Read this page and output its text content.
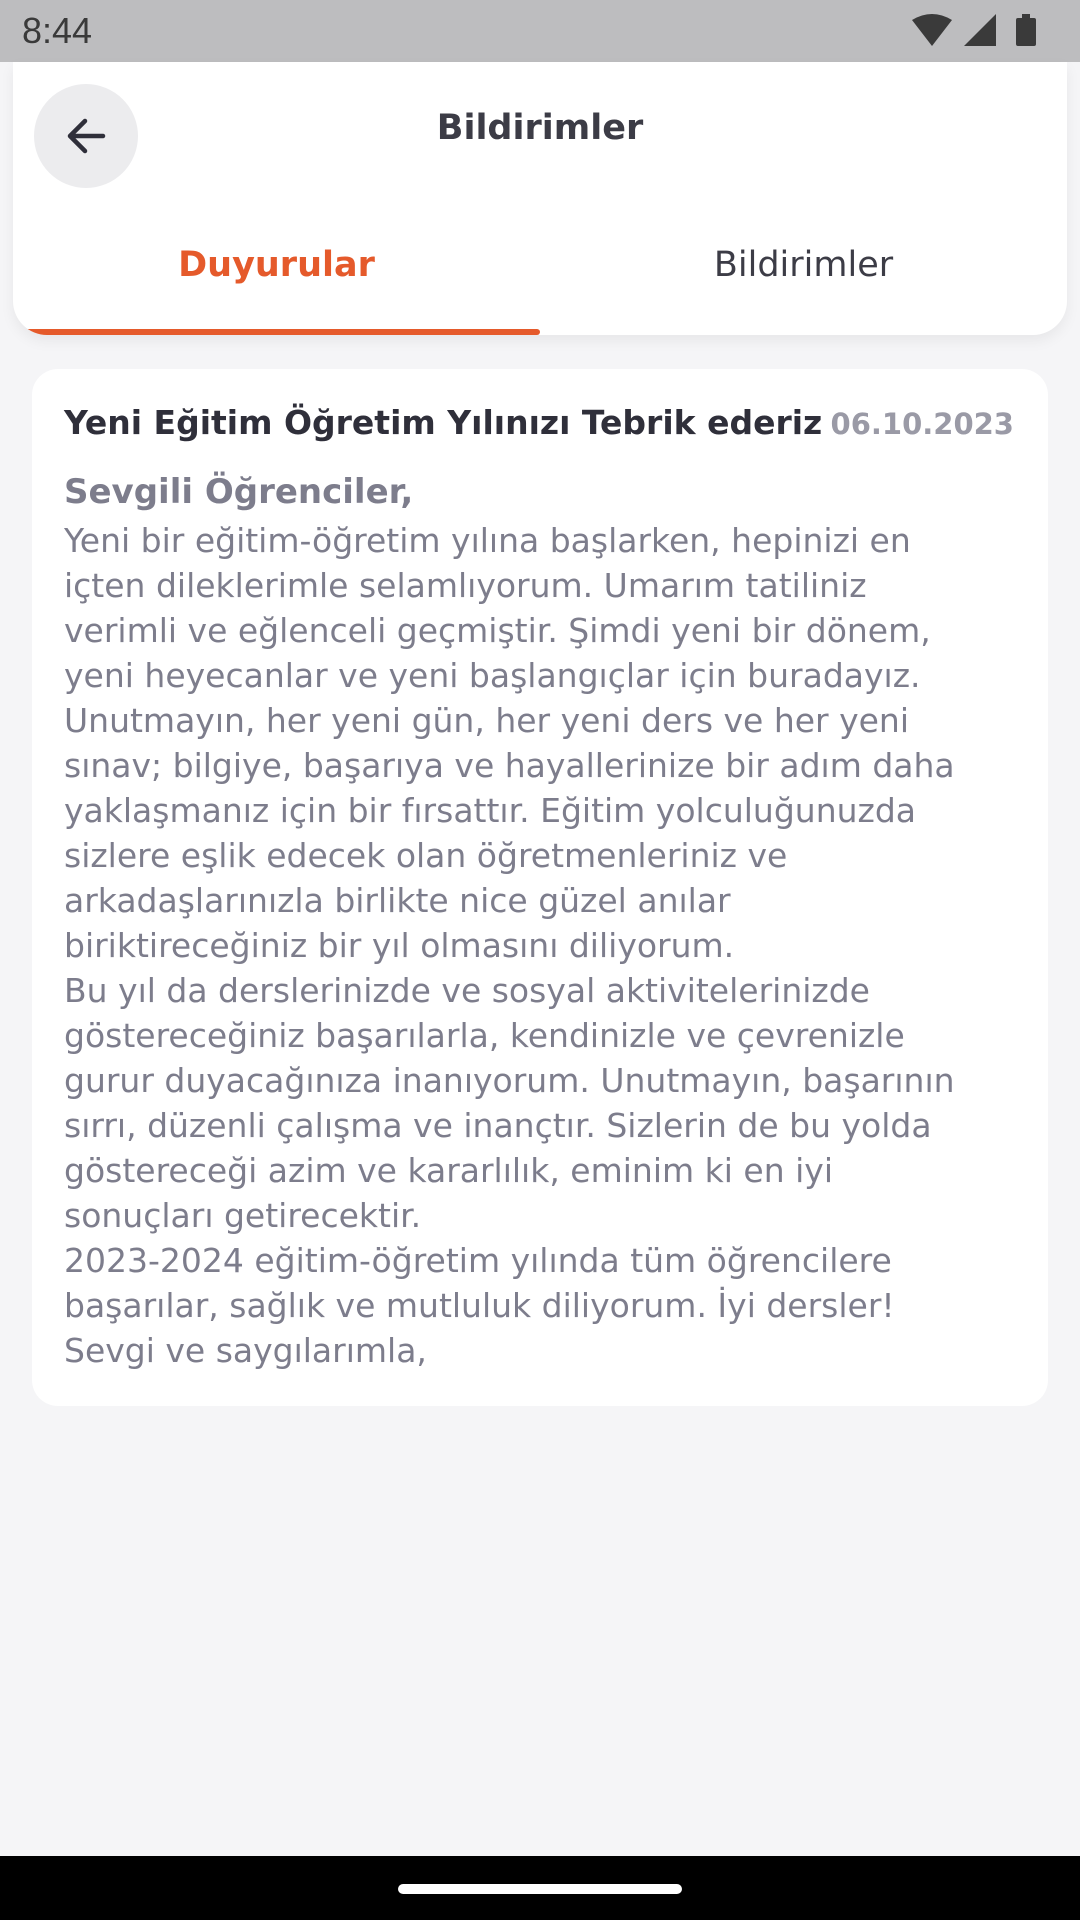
8:44
Bildirimler
Duyurular	Bildirimler
Yeni Eğitim Öğretim Yılınızı Tebrik ederiz 06.10.2023
Sevgili Öğrenciler,

Yeni bir eğitim-öğretim yılına başlarken, hepinizi en

içten dileklerimle selamlıyorum. Umarım tatiliniz

verimli ve eğlenceli geçmiştir. Şimdi yeni bir dönem,

yeni heyecanlar ve yeni başlangıçlar için buradayız.

Unutmayın, her yeni gün, her yeni ders ve her yeni

sınav; bilgiye, başarıya ve hayallerinize bir adım daha

yaklaşmanız için bir fırsattır. Eğitim yolculuğunuzda

sizlere eşlik edecek olan öğretmenleriniz ve

arkadaşlarınızla birlikte nice güzel anılar

biriktireceğiniz bir yıl olmasını diliyorum.

Bu yıl da derslerinizde ve sosyal aktivitelerinizde

göstereceğiniz başarılarla, kendinizle ve çevrenizle

gurur duyacağınıza inanıyorum. Unutmayın, başarının

sırrı, düzenli çalışma ve inançtır. Sizlerin de bu yolda

göstereceği azim ve kararlılık, eminim ki en iyi

sonuçları getirecektir.

2023-2024 eğitim-öğretim yılında tüm öğrencilere

başarılar, sağlık ve mutluluk diliyorum. İyi dersler!

Sevgi ve saygılarımla,
